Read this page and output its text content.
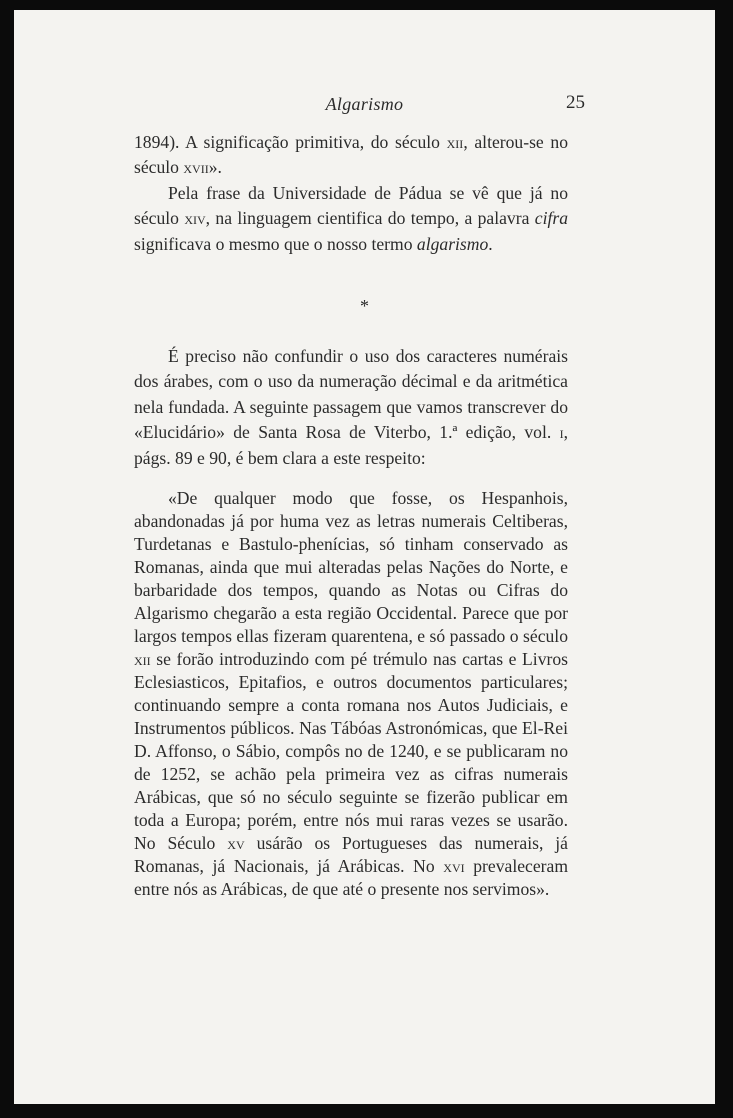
Algarismo	25

1894). A significação primitiva, do século xii, alterou-se no século xvii».

Pela frase da Universidade de Pádua se vê que já no século xiv, na linguagem cientifica do tempo, a palavra cifra significava o mesmo que o nosso termo algarismo.

*

É preciso não confundir o uso dos caracteres numérais dos árabes, com o uso da numeração décimal e da aritmética nela fundada. A seguinte passagem que vamos transcrever do «Elucidário» de Santa Rosa de Viterbo, 1.ª edição, vol. i, págs. 89 e 90, é bem clara a este respeito:

«De qualquer modo que fosse, os Hespanhois, abandonadas já por huma vez as letras numerais Celtiberas, Turdetanas e Bastulo-phenícias, só tinham conservado as Romanas, ainda que mui alteradas pelas Nações do Norte, e barbaridade dos tempos, quando as Notas ou Cifras do Algarismo chegarão a esta região Occidental. Parece que por largos tempos ellas fizeram quarentena, e só passado o século xii se forão introduzindo com pé trémulo nas cartas e Livros Eclesiasticos, Epitafios, e outros documentos particulares; continuando sempre a conta romana nos Autos Judiciais, e Instrumentos públicos. Nas Tábóas Astronómicas, que El-Rei D. Affonso, o Sábio, compôs no de 1240, e se publicaram no de 1252, se achão pela primeira vez as cifras numerais Arábicas, que só no século seguinte se fizerão publicar em toda a Europa; porém, entre nós mui raras vezes se usarão. No Século xv usárão os Portugueses das numerais, já Romanas, já Nacionais, já Arábicas. No xvi prevaleceram entre nós as Arábicas, de que até o presente nos servimos».
